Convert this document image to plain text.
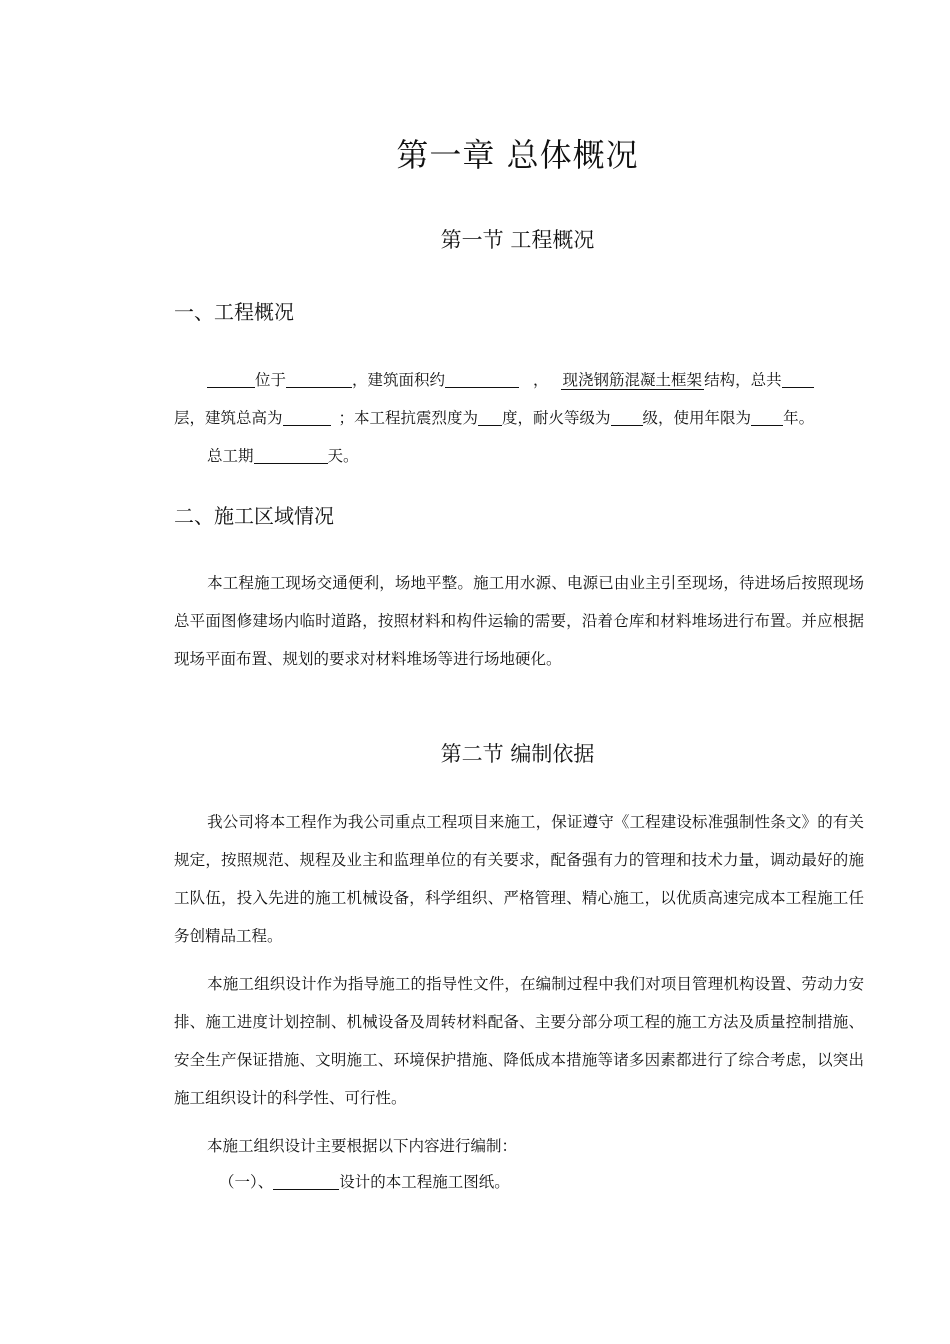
第一章 总体概况
第一节 工程概况
一、工程概况
位于	，建筑面积约	， 现浇钢筋混凝土框架 结构，总共
层，建筑总高为	；本工程抗震烈度为 度，耐火等级为 级，使用年限为 年。
总工期	天。
二、施工区域情况
本工程施工现场交通便利，场地平整。施工用水源、电源已由业主引至现场，待进场后按照现场总平面图修建场内临时道路，按照材料和构件运输的需要，沿着仓库和材料堆场进行布置。并应根据现场平面布置、规划的要求对材料堆场等进行场地硬化。
第二节 编制依据
我公司将本工程作为我公司重点工程项目来施工，保证遵守《工程建设标准强制性条文》的有关规定，按照规范、规程及业主和监理单位的有关要求，配备强有力的管理和技术力量，调动最好的施工队伍，投入先进的施工机械设备，科学组织、严格管理、精心施工，以优质高速完成本工程施工任务创精品工程。
本施工组织设计作为指导施工的指导性文件，在编制过程中我们对项目管理机构设置、劳动力安排、施工进度计划控制、机械设备及周转材料配备、主要分部分项工程的施工方法及质量控制措施、安全生产保证措施、文明施工、环境保护措施、降低成本措施等诸多因素都进行了综合考虑，以突出施工组织设计的科学性、可行性。
本施工组织设计主要根据以下内容进行编制：
（一）、	设计的本工程施工图纸。
